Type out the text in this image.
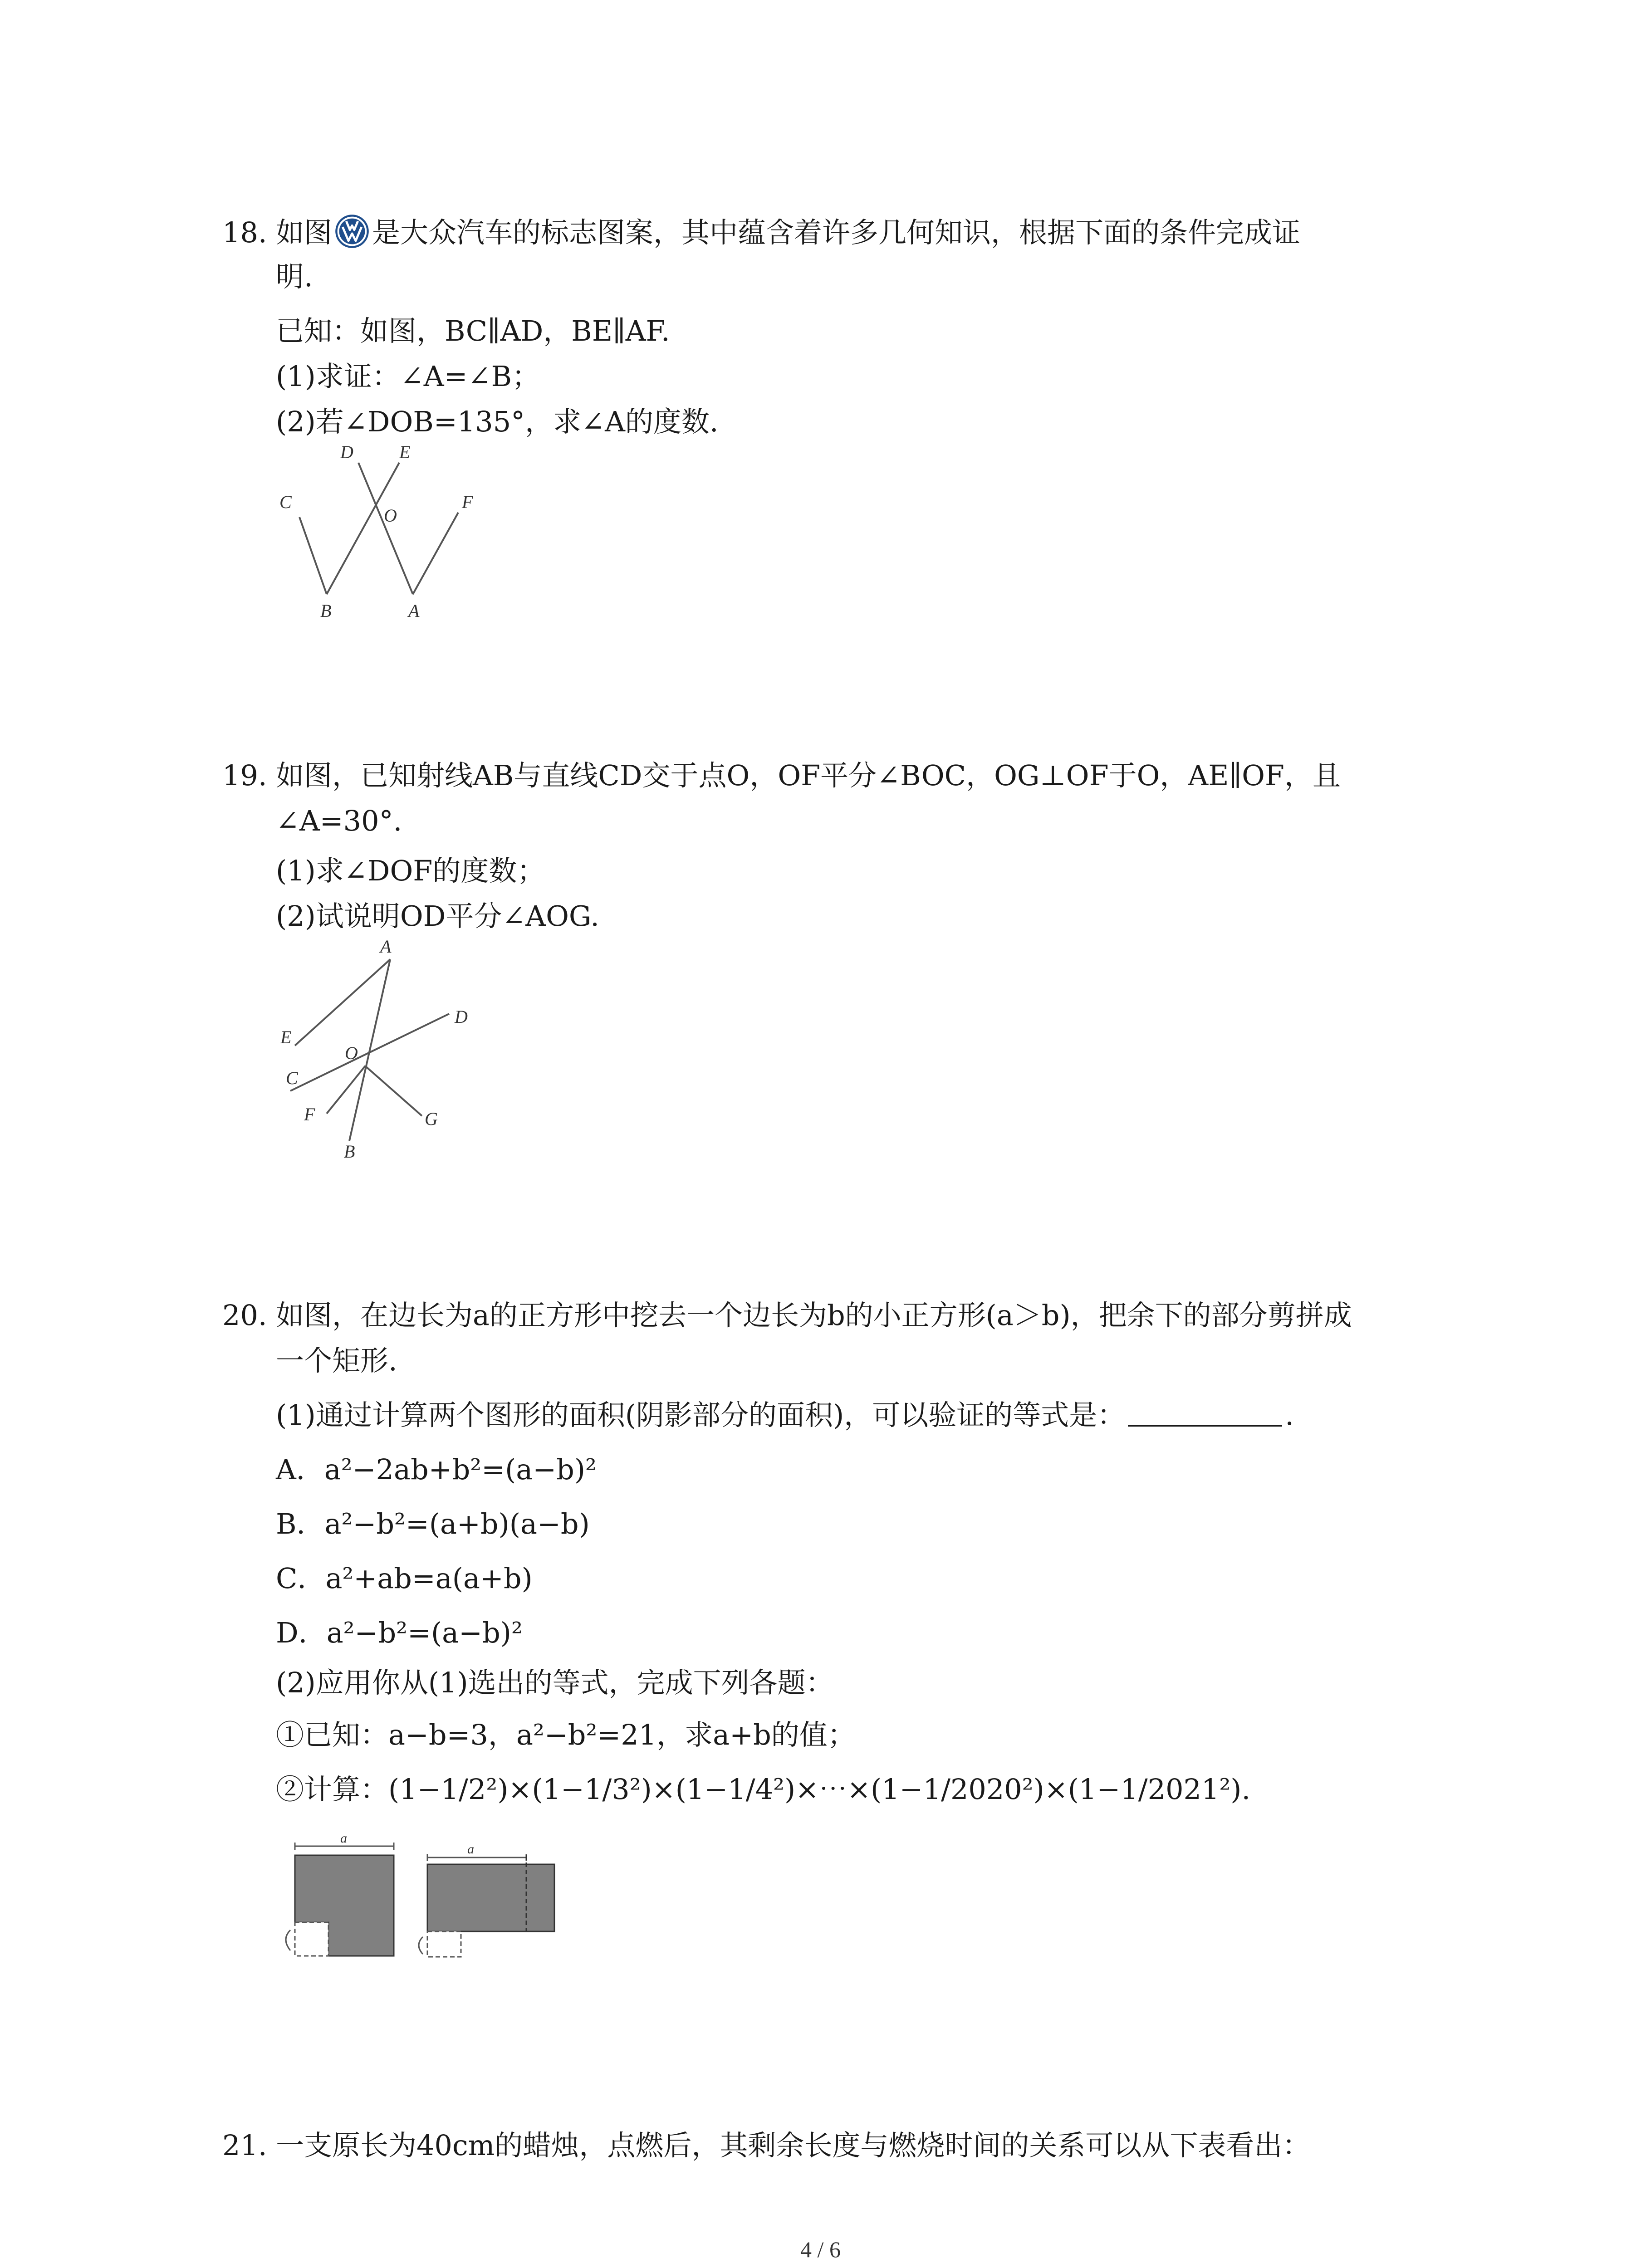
18. 如图 是大众汽车的标志图案，其中蕴含着许多几何知识，根据下面的条件完成证
明.
已知：如图，BC∥AD，BE∥AF.
(1)求证：∠A=∠B；
(2)若∠DOB=135°，求∠A的度数.
C
D	E
O
F
B	A
19. 如图，已知射线AB与直线CD交于点O，OF平分∠BOC，OG⊥OF于O，AE∥OF，且
∠A=30°.
(1)求∠DOF的度数；
(2)试说明OD平分∠AOG.
A
E
D
O
C
F	G
B
20. 如图，在边长为a的正方形中挖去一个边长为b的小正方形(a＞b)，把余下的部分剪拼成
一个矩形.
(1)通过计算两个图形的面积(阴影部分的面积)，可以验证的等式是：	.
A．a²−2ab+b²=(a−b)²
B．a²−b²=(a+b)(a−b)
C．a²+ab=a(a+b)
D．a²−b²=(a−b)²
(2)应用你从(1)选出的等式，完成下列各题：
①已知：a−b=3，a²−b²=21，求a+b的值；
②计算：(1−1/2²)×(1−1/3²)×(1−1/4²)×⋯×(1−1/2020²)×(1−1/2021²).
a
a
21. 一支原长为40cm的蜡烛，点燃后，其剩余长度与燃烧时间的关系可以从下表看出：
4 / 6
